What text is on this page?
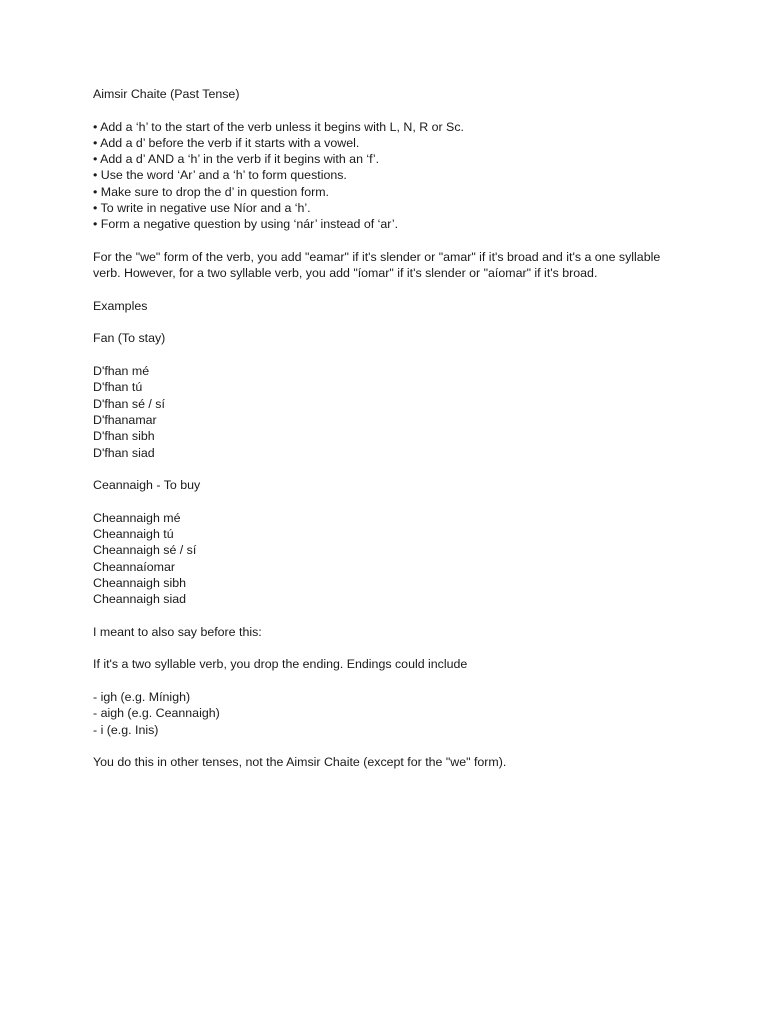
Aimsir Chaite (Past Tense)
• Add a ‘h’ to the start of the verb unless it begins with L, N, R or Sc.
• Add a d’ before the verb if it starts with a vowel.
• Add a d’ AND a ‘h’ in the verb if it begins with an ‘f’.
• Use the word ‘Ar’ and a ‘h’ to form questions.
• Make sure to drop the d’ in question form.
• To write in negative use Níor and a ‘h’.
• Form a negative question by using ‘nár’ instead of ‘ar’.
For the "we" form of the verb, you add "eamar" if it's slender or "amar" if it's broad and it's a one syllable verb. However, for a two syllable verb, you add "íomar" if it's slender or "aíomar" if it's broad.
Examples
Fan (To stay)
D'fhan mé
D'fhan tú
D'fhan sé / sí
D'fhanamar
D'fhan sibh
D'fhan siad
Ceannaigh - To buy
Cheannaigh mé
Cheannaigh tú
Cheannaigh sé / sí
Cheannaíomar
Cheannaigh sibh
Cheannaigh siad
I meant to also say before this:
If it's a two syllable verb, you drop the ending. Endings could include
- igh (e.g. Mínigh)
- aigh (e.g. Ceannaigh)
- i (e.g. Inis)
You do this in other tenses, not the Aimsir Chaite (except for the "we" form).
